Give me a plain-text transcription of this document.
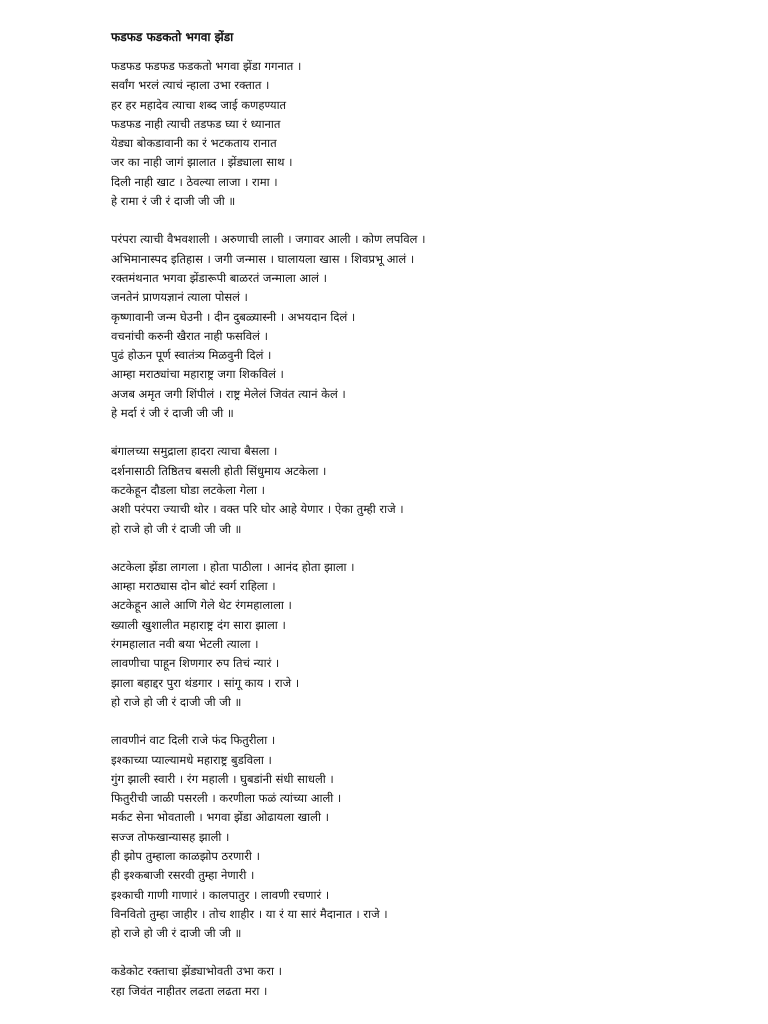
फडफड फडकतो भगवा झेंडा
फडफड फडफड फडकतो भगवा झेंडा गगनात ।
सर्वांग भरलं त्याचं न्हाला उभा रक्तात ।
हर हर महादेव त्याचा शब्द जाई कणहण्यात
फडफड नाही त्याची तडफड घ्या रं ध्यानात
येड्या बोकडावानी का रं भटकताय रानात
जर का नाही जागं झालात । झेंड्याला साथ ।
दिली नाही खाट । ठेवल्या लाजा । रामा ।
हे रामा रं जी रं दाजी जी जी ॥
परंपरा त्याची वैभवशाली । अरुणाची लाली । जगावर आली । कोण लपविल ।
अभिमानास्पद इतिहास । जगी जन्मास । घालायला खास । शिवप्रभू आलं ।
रक्तमंथनात भगवा झेंडारूपी बाळरतं जन्माला आलं ।
जनतेनं प्राणयज्ञानं त्याला पोसलं ।
कृष्णावानी जन्म घेउनी । दीन दुबळ्यास्नी । अभयदान दिलं ।
वचनांची करुनी खैरात नाही फसविलं ।
पुढं होऊन पूर्ण स्वातंत्र्य मिळवुनी दिलं ।
आम्हा मराठ्यांचा महाराष्ट्र जगा शिकविलं ।
अजब अमृत जगी शिंपीलं । राष्ट्र मेलेलं जिवंत त्यानं केलं ।
हे मर्दा रं जी रं दाजी जी जी ॥
बंगालच्या समुद्राला हादरा त्याचा बैसला ।
दर्शनासाठी तिष्ठितच बसली होती सिंधुमाय अटकेला ।
कटकेहून दौडला घोडा लटकेला गेला ।
अशी परंपरा ज्याची थोर । वक्त परि घोर आहे येणार । ऐका तुम्ही राजे ।
हो राजे हो जी रं दाजी जी जी ॥
अटकेला झेंडा लागला । होता पाठीला । आनंद होता झाला ।
आम्हा मराठ्यास दोन बोटं स्वर्ग राहिला ।
अटकेहून आले आणि गेले थेट रंगमहालाला ।
ख्याली खुशालीत महाराष्ट्र दंग सारा झाला ।
रंगमहालात नवी बया भेटली त्याला ।
लावणीचा पाहून शिणगार रुप तिचं न्यारं ।
झाला बहाद्दर पुरा थंडगार । सांगू काय । राजे ।
हो राजे हो जी रं दाजी जी जी ॥
लावणीनं वाट दिली राजे फंद फितुरीला ।
इश्काच्या प्याल्यामधे महाराष्ट्र बुडविला ।
गुंग झाली स्वारी । रंग महाली । घुबडांनी संधी साधली ।
फितुरीची जाळी पसरली । करणीला फळं त्यांच्या आली ।
मर्कट सेना भोवताली । भगवा झेंडा ओढायला खाली ।
सज्ज तोफखान्यासह झाली ।
ही झोप तुम्हाला काळझोप ठरणारी ।
ही इश्कबाजी रसरवी तुम्हा नेणारी ।
इश्काची गाणी गाणारं । कालपातुर । लावणी रचणारं ।
विनवितो तुम्हा जाहीर । तोच शाहीर । या रं या सारं मैदानात । राजे ।
हो राजे हो जी रं दाजी जी जी ॥
कडेकोट रक्ताचा झेंड्याभोवती उभा करा ।
रहा जिवंत नाहीतर लढता लढता मरा ।
